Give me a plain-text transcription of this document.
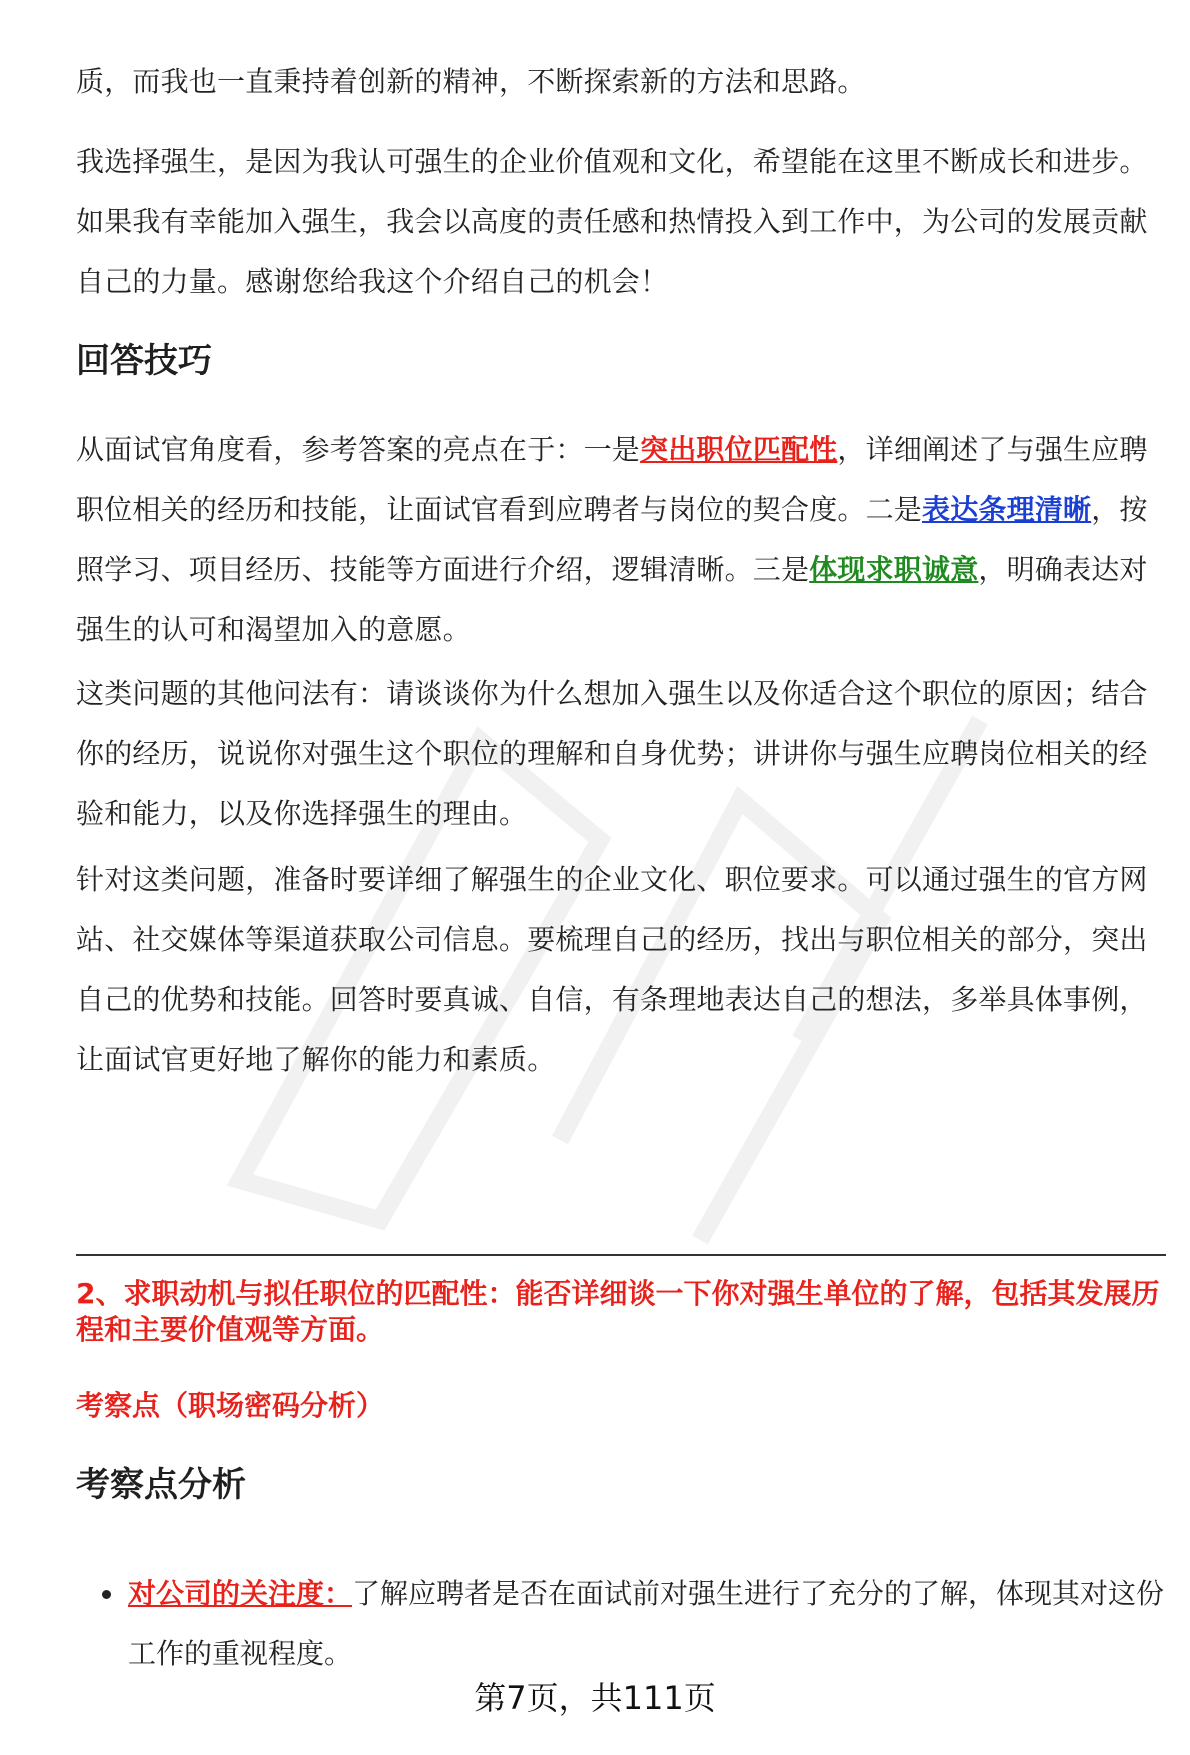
质，而我也一直秉持着创新的精神，不断探索新的方法和思路。

我选择强生，是因为我认可强生的企业价值观和文化，希望能在这里不断成长和进步。如果我有幸能加入强生，我会以高度的责任感和热情投入到工作中，为公司的发展贡献自己的力量。感谢您给我这个介绍自己的机会！

回答技巧

从面试官角度看，参考答案的亮点在于：一是突出职位匹配性，详细阐述了与强生应聘职位相关的经历和技能，让面试官看到应聘者与岗位的契合度。二是表达条理清晰，按照学习、项目经历、技能等方面进行介绍，逻辑清晰。三是体现求职诚意，明确表达对强生的认可和渴望加入的意愿。

这类问题的其他问法有：请谈谈你为什么想加入强生以及你适合这个职位的原因；结合你的经历，说说你对强生这个职位的理解和自身优势；讲讲你与强生应聘岗位相关的经验和能力，以及你选择强生的理由。

针对这类问题，准备时要详细了解强生的企业文化、职位要求。可以通过强生的官方网站、社交媒体等渠道获取公司信息。要梳理自己的经历，找出与职位相关的部分，突出自己的优势和技能。回答时要真诚、自信，有条理地表达自己的想法，多举具体事例，让面试官更好地了解你的能力和素质。

2、求职动机与拟任职位的匹配性：能否详细谈一下你对强生单位的了解，包括其发展历程和主要价值观等方面。

考察点（职场密码分析）

考察点分析
对公司的关注度：了解应聘者是否在面试前对强生进行了充分的了解，体现其对这份工作的重视程度。
第7页，共111页
